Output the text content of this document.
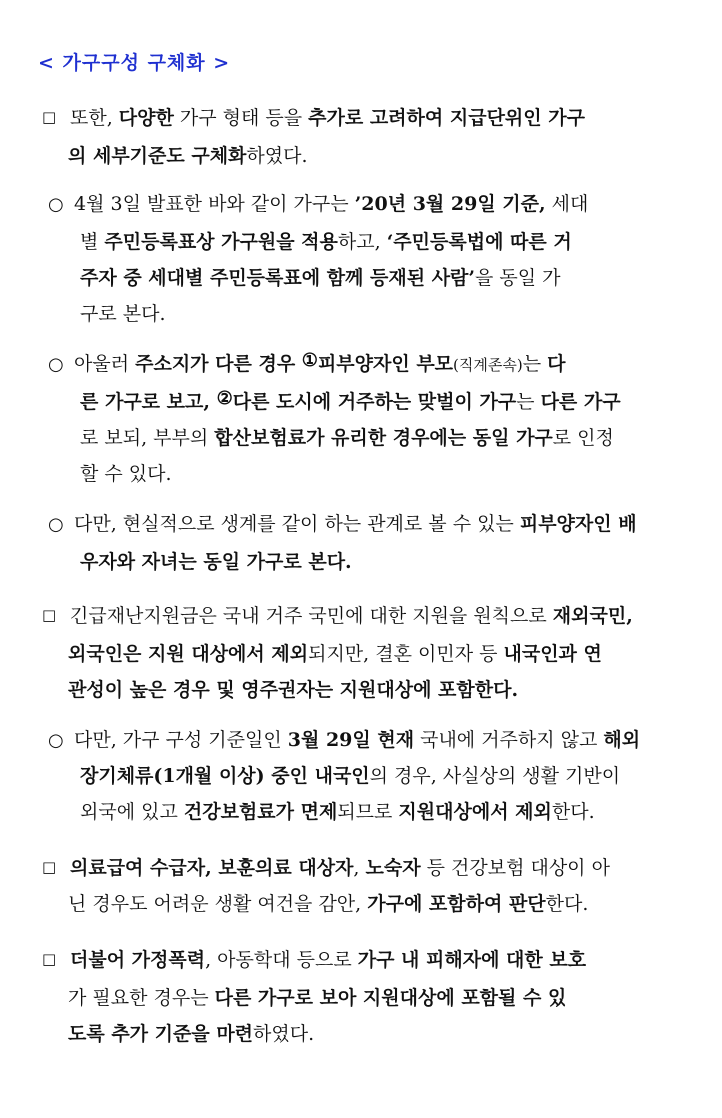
< 가구구성 구체화 >
□ 또한, 다양한 가구 형태 등을 추가로 고려하여 지급단위인 가구
의 세부기준도 구체화하였다.
○ 4월 3일 발표한 바와 같이 가구는 ’20년 3월 29일 기준, 세대
별 주민등록표상 가구원을 적용하고, ‘주민등록법에 따른 거
주자 중 세대별 주민등록표에 함께 등재된 사람’을 동일 가
구로 본다.
○ 아울러 주소지가 다른 경우 ①피부양자인 부모(직계존속)는 다
른 가구로 보고, ②다른 도시에 거주하는 맞벌이 가구는 다른 가구
로 보되, 부부의 합산보험료가 유리한 경우에는 동일 가구로 인정
할 수 있다.
○ 다만, 현실적으로 생계를 같이 하는 관계로 볼 수 있는 피부양자인 배
우자와 자녀는 동일 가구로 본다.
□ 긴급재난지원금은 국내 거주 국민에 대한 지원을 원칙으로 재외국민,
외국인은 지원 대상에서 제외되지만, 결혼 이민자 등 내국인과 연
관성이 높은 경우 및 영주권자는 지원대상에 포함한다.
○ 다만, 가구 구성 기준일인 3월 29일 현재 국내에 거주하지 않고 해외
장기체류(1개월 이상) 중인 내국인의 경우, 사실상의 생활 기반이
외국에 있고 건강보험료가 면제되므로 지원대상에서 제외한다.
□ 의료급여 수급자, 보훈의료 대상자, 노숙자 등 건강보험 대상이 아
닌 경우도 어려운 생활 여건을 감안, 가구에 포함하여 판단한다.
□ 더불어 가정폭력, 아동학대 등으로 가구 내 피해자에 대한 보호
가 필요한 경우는 다른 가구로 보아 지원대상에 포함될 수 있
도록 추가 기준을 마련하였다.
